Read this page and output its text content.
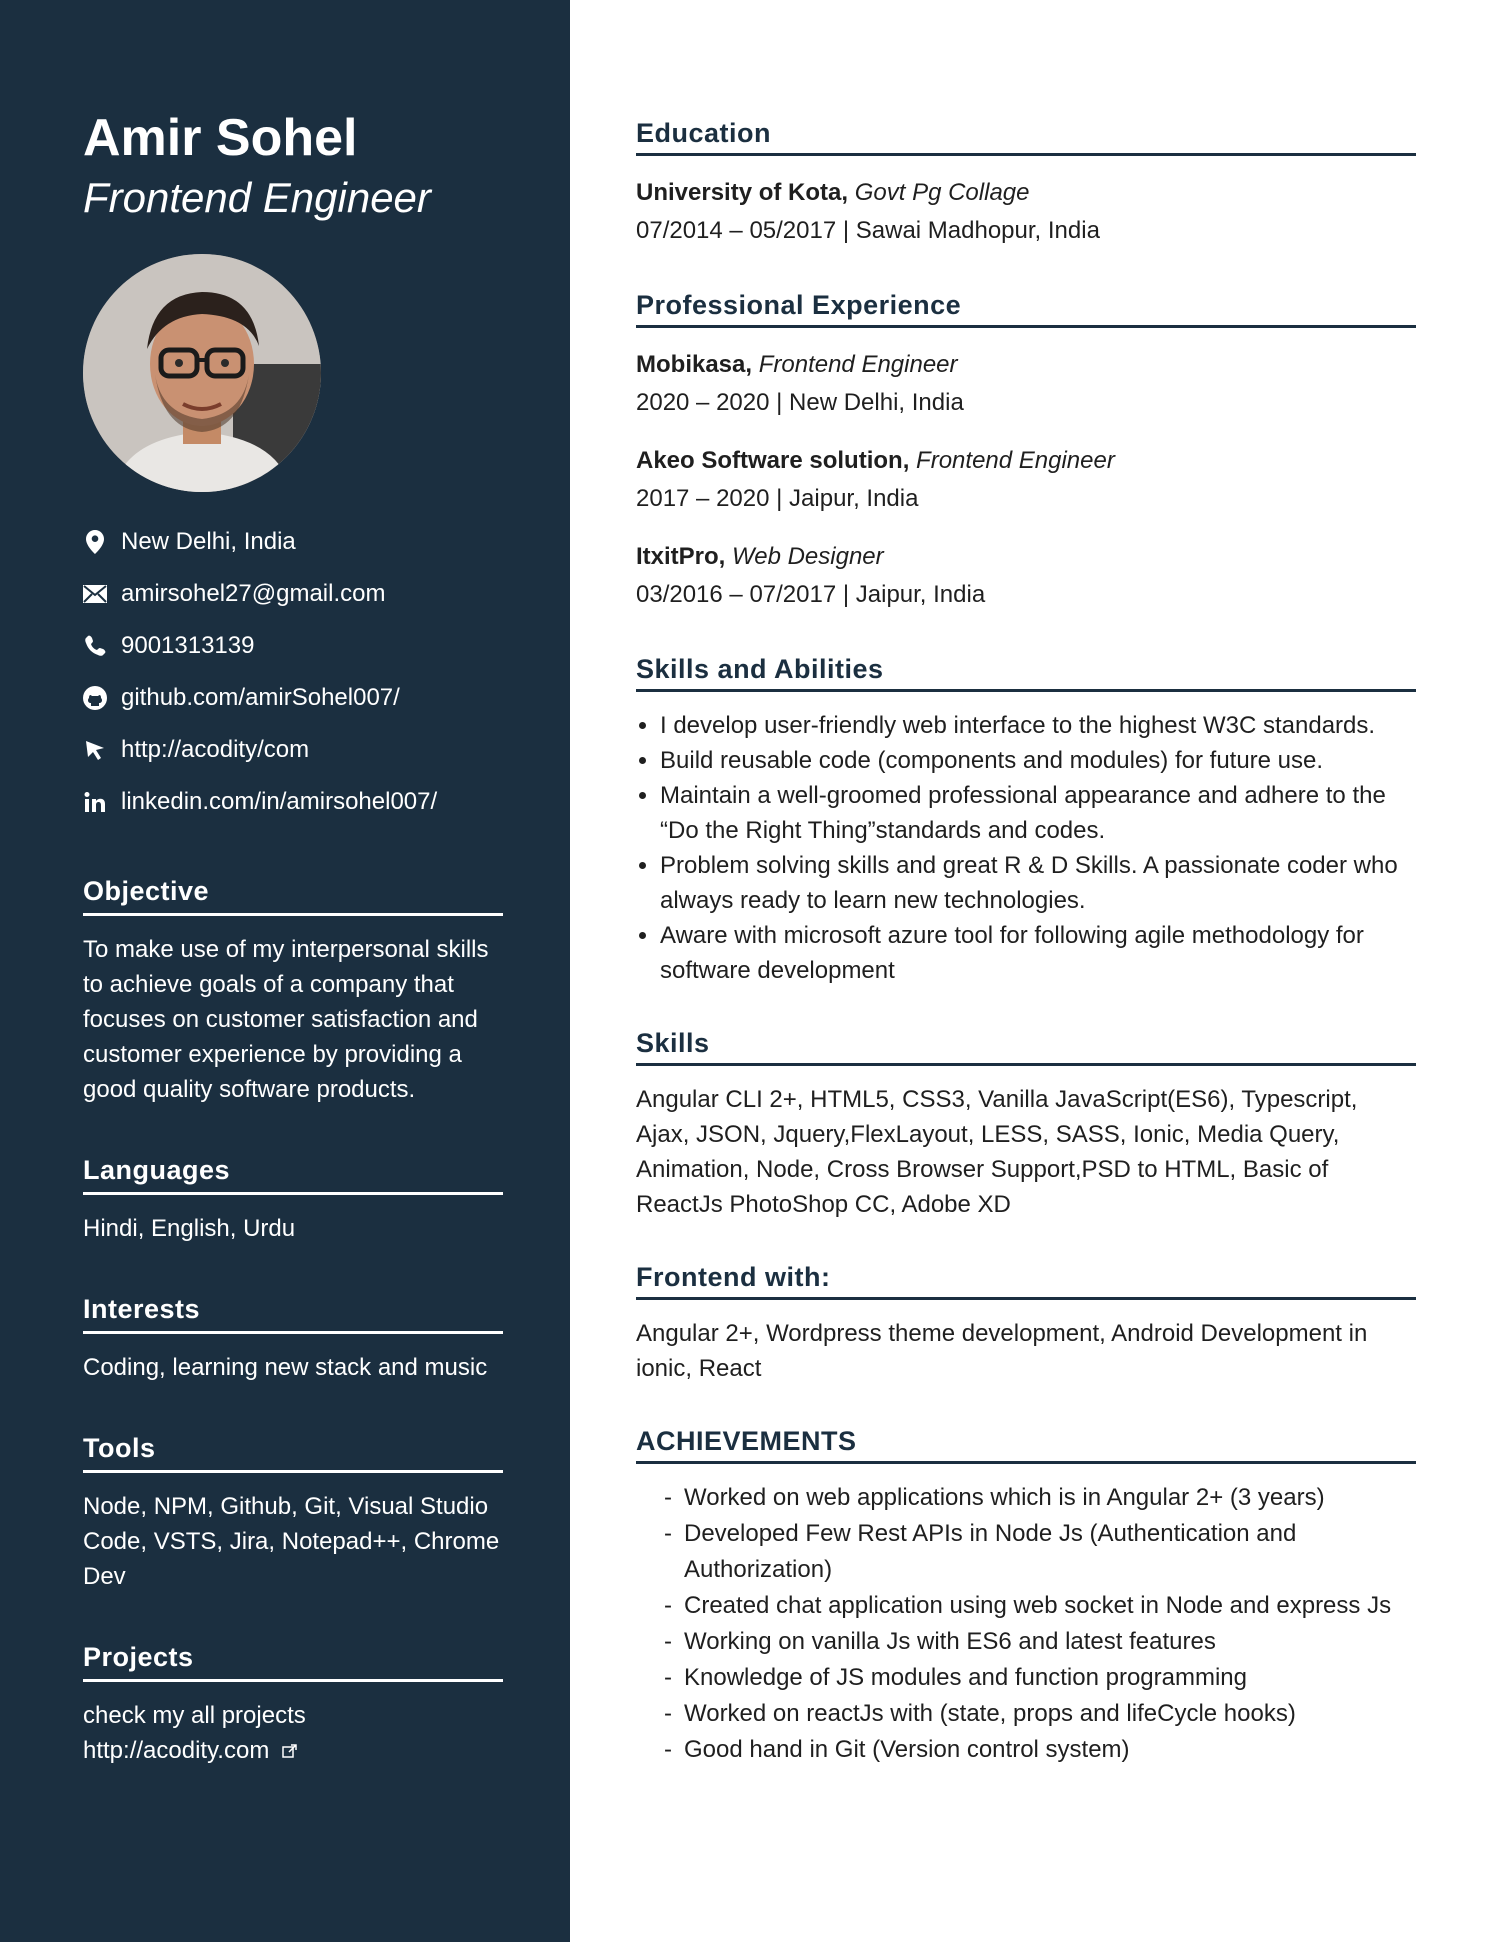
Amir Sohel
Frontend Engineer
New Delhi, India
amirsohel27@gmail.com
9001313139
github.com/amirSohel007/
http://acodity/com
linkedin.com/in/amirsohel007/
Objective
To make use of my interpersonal skills to achieve goals of a company that focuses on customer satisfaction and customer experience by providing a good quality software products.
Languages
Hindi, English, Urdu
Interests
Coding, learning new stack and music
Tools
Node, NPM, Github, Git, Visual Studio Code, VSTS, Jira, Notepad++, Chrome Dev
Projects
check my all projects
http://acodity.com
Education
University of Kota, Govt Pg Collage
07/2014 – 05/2017 | Sawai Madhopur, India
Professional Experience
Mobikasa, Frontend Engineer
2020 – 2020 | New Delhi, India
Akeo Software solution, Frontend Engineer
2017 – 2020 | Jaipur, India
ItxitPro, Web Designer
03/2016 – 07/2017 | Jaipur, India
Skills and Abilities
• I develop user-friendly web interface to the highest W3C standards.
• Build reusable code (components and modules) for future use.
• Maintain a well-groomed professional appearance and adhere to the “Do the Right Thing”standards and codes.
• Problem solving skills and great R & D Skills. A passionate coder who always ready to learn new technologies.
• Aware with microsoft azure tool for following agile methodology for software development
Skills
Angular CLI 2+, HTML5, CSS3, Vanilla JavaScript(ES6), Typescript, Ajax, JSON, Jquery,FlexLayout, LESS, SASS, Ionic, Media Query, Animation, Node, Cross Browser Support,PSD to HTML, Basic of ReactJs PhotoShop CC, Adobe XD
Frontend with:
Angular 2+, Wordpress theme development, Android Development in ionic, React
ACHIEVEMENTS
- Worked on web applications which is in Angular 2+ (3 years)
- Developed Few Rest APIs in Node Js (Authentication and Authorization)
- Created chat application using web socket in Node and express Js
- Working on vanilla Js with ES6 and latest features
- Knowledge of JS modules and function programming
- Worked on reactJs with (state, props and lifeCycle hooks)
- Good hand in Git (Version control system)
